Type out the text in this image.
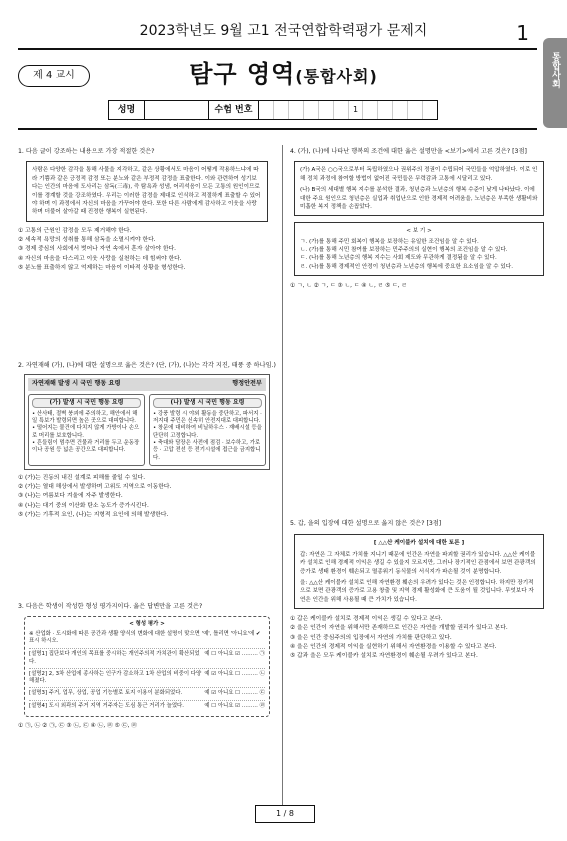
2023학년도 9월 고1 전국연합학력평가 문제지	1
통합사회
제 4 교시	탐구 영역(통합사회)
성명	수험 번호	1
1. 다음 글이 강조하는 내용으로 가장 적절한 것은?
사람은 다양한 감각을 통해 사물을 지각하고, 같은 상황에서도 마음이 어떻게 작용하느냐에 따라 기쁨과 같은 긍정적 감정 또는 분노와 같은 부정적 감정을 표출한다. 이와 관련하여 성기보다는 인간의 마음에 도사리는 삼독(三毒), 즉 탐욕과 성냄, 어리석음이 모든 고통의 원인이므로 이를 경계할 것을 강조하였다. 우리는 이러한 감정을 제대로 인식하고 적절하게 표출할 수 있어야 하며 이 과정에서 자신의 마음을 가꾸어야 한다. 또한 다른 사람에게 감사하고 이웃을 사랑하며 더불어 살아갈 때 진정한 행복이 실현된다.
① 고통의 근원인 감정을 모두 제거해야 한다.
② 세속적 욕망의 성취를 통해 삼독을 소멸시켜야 한다.
③ 경제 중심의 사회에서 벗어나 자연 속에서 혼자 살아야 한다.
④ 자신의 마음을 다스리고 이웃 사랑을 실천하는 데 힘써야 한다.
⑤ 분노를 표출하지 않고 억제하는 마음이 이타적 상황을 형성한다.
2. 자연재해 (가), (나)에 대한 설명으로 옳은 것은? (단, (가), (나)는 각각 지진, 태풍 중 하나임.)
자연재해 발생 시 국민 행동 요령	행정안전부
(가) 발생 시 국민 행동 요령
• 산사태, 절벽 붕괴에 주의하고, 해안에서 해일 특보가 발령되면 높은 곳으로 대피합니다.
• 떨어지는 물건에 다치지 않게 가방이나 손으로 머리를 보호합니다.
• 흔들림이 멈추면 건물과 거리를 두고 운동장이나 공원 등 넓은 공간으로 대피합니다.
(나) 발생 시 국민 행동 요령
• 강풍 발령 시 야외 활동을 중단하고, 파서지 · 저지대 주민은 신속히 안전지대로 대피합니다.
• 창문에 대비하여 비닐하우스 · 재배시설 등을 단단히 고정합니다.
• 축대와 담장은 사전에 점검 · 보수하고, 가로등 · 고압 전선 등 전기시설에 접근을 금지합니다.
① (가)는 진동의 내진 설계로 피해를 줄일 수 있다.
② (가)는 열대 해상에서 발생하며 고위도 지역으로 이동한다.
③ (나)는 여름보다 겨울에 자주 발생한다.
④ (나)는 대기 중의 이산화 탄소 농도가 증가시킨다.
⑤ (가)는 기후적 요인, (나)는 지형적 요인에 의해 발생한다.
3. 다음은 학생이 작성한 형성 평가지이다. 옳은 답변만을 고른 것은?
< 형성 평가 >
※ 산업화 · 도시화에 따른 공간과 생활 양식의 변화에 대한 설명이 맞으면 '예', 틀리면 '아니요'에 ✔ 표시 하시오.
[설명1] 집단보다 개인의 목표를 중시하는 개인주의적 가치관이 확산되었다.
예 ☐ 아니요 ☑ ……… ㉠
[설명2] 2, 3차 산업에 종사하는 인구가 감소하고 1차 산업의 비중이 다양해졌다.
예 ☑ 아니요 ☐ ……… ㉡
[설명3] 주거, 업무, 상업, 공업 기능별로 토지 이용이 분화되었다.	예 ☑ 아니요 ☐ ……… ㉢
[설명4] 도시 외곽의 주거 지역 거주자는 도심 통근 거리가 늘었다.	예 ☐ 아니요 ☑ ……… ㉣
① ㉠, ㉡ ② ㉠, ㉢ ③ ㉡, ㉢ ④ ㉡, ㉣ ⑤ ㉢, ㉣
4. (가), (나)에 나타난 행복의 조건에 대한 옳은 설명만을 <보기>에서 고른 것은? [3점]
(가) A국은 ○○국으로부터 독립하였으나 권위주의 정권이 수립되어 국민들을 억압하였다. 이로 인해 정치 과정에 참여할 방법이 없어진 국민들은 무력감과 고통에 시달리고 있다.
(나) B국의 세대별 행복 지수를 분석한 결과, 청년층과 노년층의 행복 수준이 낮게 나타났다. 이에 대한 주요 원인으로 청년층은 실업과 취업난으로 인한 경제적 어려움을, 노년층은 부족한 생활비와 미흡한 복지 정책을 손꼽았다.
< 보 기 >
ㄱ. (가)를 통해 주민 회복이 행복을 보장하는 유일한 조건임을 알 수 있다.
ㄴ. (가)를 통해 시민 참여를 보장하는 민주주의의 실현이 행복의 조건임을 알 수 있다.
ㄷ. (나)를 통해 노년층의 행복 지수는 사회 제도와 무관하게 결정됨을 알 수 있다.
ㄹ. (나)를 통해 경제적인 안정이 청년층과 노년층의 행복에 중요한 요소임을 알 수 있다.
① ㄱ, ㄴ ② ㄱ, ㄷ ③ ㄴ, ㄷ ④ ㄴ, ㄹ ⑤ ㄷ, ㄹ
5. 갑, 을의 입장에 대한 설명으로 옳지 않은 것은? [3점]
[ △△산 케이블카 설치에 대한 토론 ]
갑: 자연은 그 자체로 가치를 지니기 때문에 인간은 자연을 파괴할 권리가 있습니다. △△산 케이블카 설치로 인해 경제적 이익은 생길 수 있을지 모르지만, 그러나 장기적인 관점에서 보면 관광객의 증가로 생태 환경이 훼손되고 멸종위기 동식물의 서식지가 파손될 것이 분명합니다.
을: △△산 케이블카 설치로 인해 자연환경 훼손의 우려가 있다는 것은 인정합니다. 하지만 장기적으로 보면 관광객의 증가로 고용 창출 및 지역 경제 활성화에 큰 도움이 될 것입니다. 무엇보다 자연은 인간을 위해 사용될 때 큰 가치가 있습니다.
① 갑은 케이블카 설치로 경제적 이익은 생길 수 있다고 본다.
② 을은 인간이 자연을 위해서만 존재하므로 인간은 자연을 개발할 권리가 있다고 본다.
③ 을은 인간 중심주의의 입장에서 자연의 가치를 판단하고 있다.
④ 을은 인간의 경제적 이익을 실현하기 위해서 자연환경을 이용할 수 있다고 본다.
⑤ 갑과 을은 모두 케이블카 설치로 자연환경이 훼손될 우려가 있다고 본다.
1 / 8
